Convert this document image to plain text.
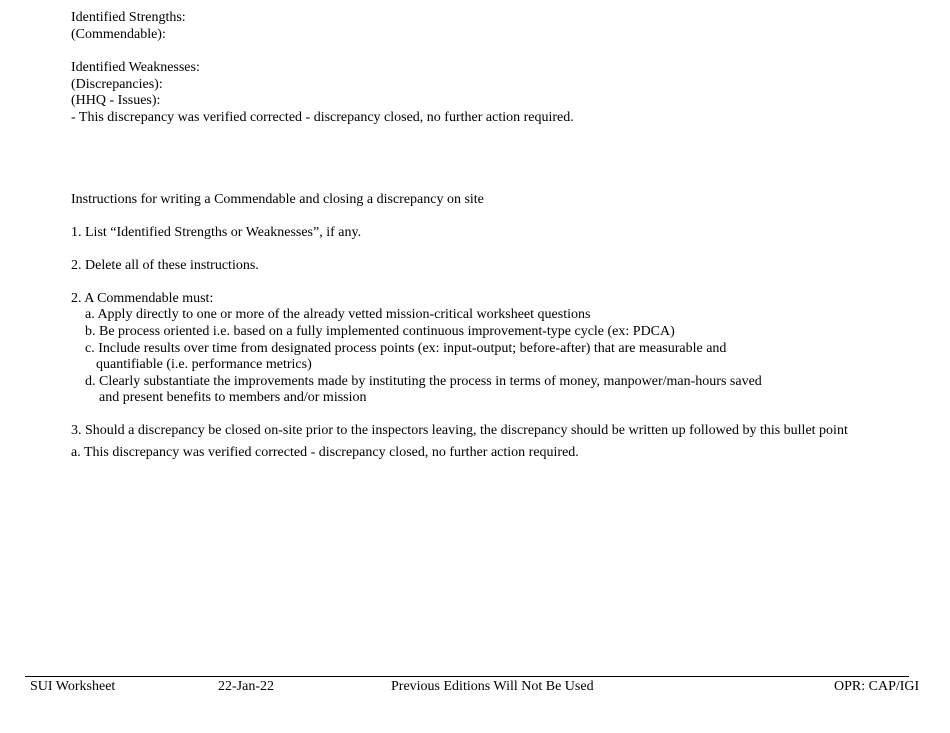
Identified Strengths:
(Commendable):
Identified Weaknesses:
(Discrepancies):
(HHQ - Issues):
- This discrepancy was verified corrected - discrepancy closed, no further action required.
Instructions for writing a Commendable and closing a discrepancy on site
1. List “Identified Strengths or Weaknesses”, if any.
2. Delete all of these instructions.
2. A Commendable must:
a. Apply directly to one or more of the already vetted mission-critical worksheet questions
b. Be process oriented i.e. based on a fully implemented continuous improvement-type cycle (ex: PDCA)
c. Include results over time from designated process points (ex: input-output; before-after) that are measurable and
quantifiable (i.e. performance metrics)
d. Clearly substantiate the improvements made by instituting the process in terms of money, manpower/man-hours saved
and present benefits to members and/or mission
3. Should a discrepancy be closed on-site prior to the inspectors leaving, the discrepancy should be written up followed by this bullet point
a. This discrepancy was verified corrected - discrepancy closed, no further action required.
SUI Worksheet	22-Jan-22	Previous Editions Will Not Be Used	OPR: CAP/IGI
